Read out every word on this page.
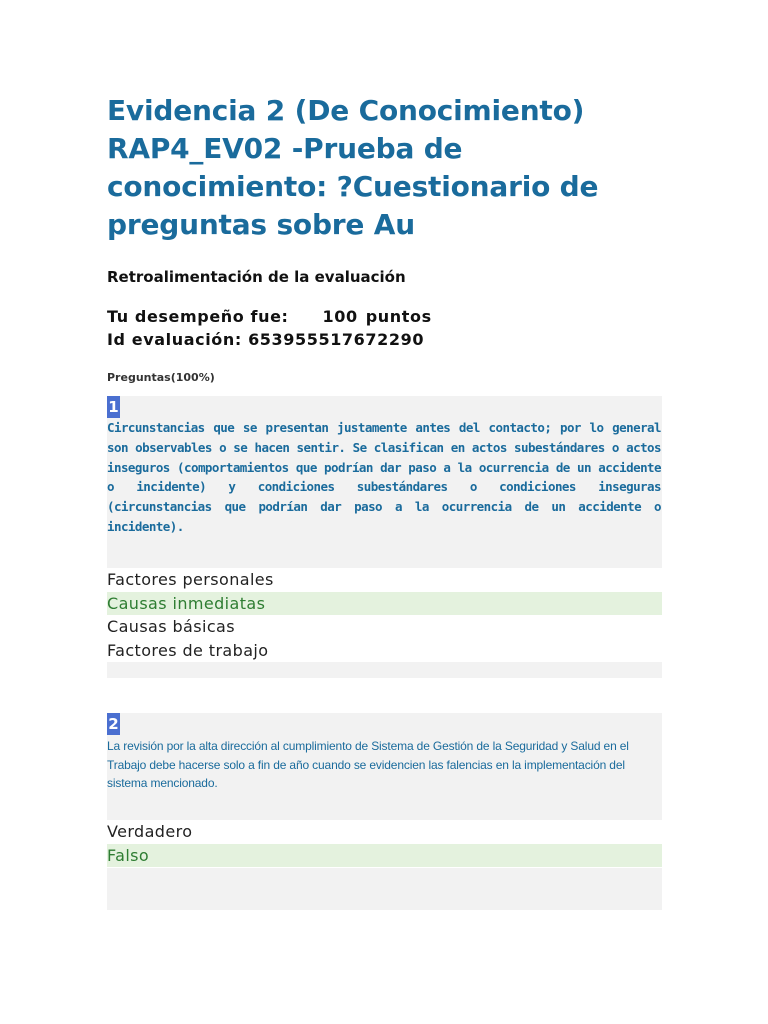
Evidencia 2 (De Conocimiento) RAP4_EV02 -Prueba de conocimiento: ?Cuestionario de preguntas sobre Au
Retroalimentación de la evaluación
Tu desempeño fue: 100 puntos
Id evaluación: 653955517672290
Preguntas(100%)
1

Circunstancias que se presentan justamente antes del contacto; por lo general son observables o se hacen sentir. Se clasifican en actos subestándares o actos inseguros (comportamientos que podrían dar paso a la ocurrencia de un accidente o incidente) y condiciones subestándares o condiciones inseguras (circunstancias que podrían dar paso a la ocurrencia de un accidente o incidente).

Factores personales
Causas inmediatas
Causas básicas
Factores de trabajo
2

La revisión por la alta dirección al cumplimiento de Sistema de Gestión de la Seguridad y Salud en el Trabajo debe hacerse solo a fin de año cuando se evidencien las falencias en la implementación del sistema mencionado.

Verdadero
Falso
